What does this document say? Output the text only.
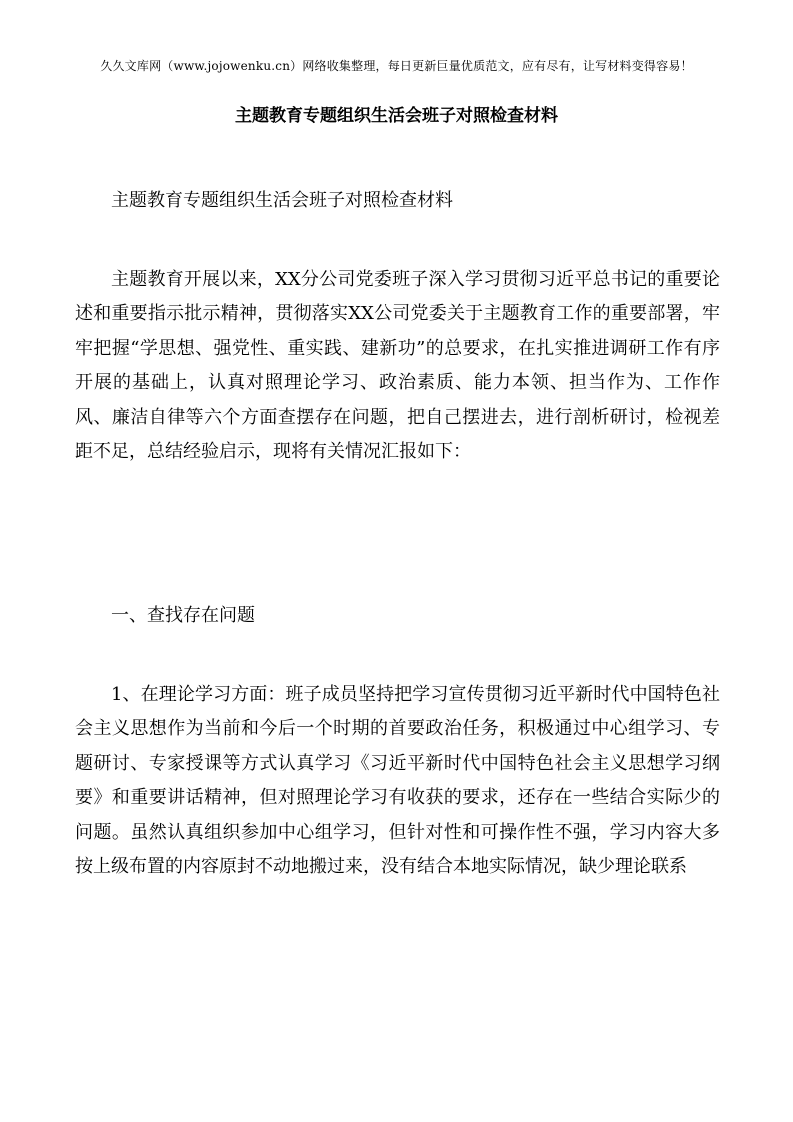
久久文库网（www.jojowenku.cn）网络收集整理，每日更新巨量优质范文，应有尽有，让写材料变得容易！
主题教育专题组织生活会班子对照检查材料

主题教育专题组织生活会班子对照检查材料

主题教育开展以来，XX分公司党委班子深入学习贯彻习近平总书记的重要论述和重要指示批示精神，贯彻落实XX公司党委关于主题教育工作的重要部署，牢牢把握“学思想、强党性、重实践、建新功”的总要求，在扎实推进调研工作有序开展的基础上，认真对照理论学习、政治素质、能力本领、担当作为、工作作风、廉洁自律等六个方面查摆存在问题，把自己摆进去，进行剖析研讨，检视差距不足，总结经验启示，现将有关情况汇报如下：

一、查找存在问题

1、在理论学习方面：班子成员坚持把学习宣传贯彻习近平新时代中国特色社会主义思想作为当前和今后一个时期的首要政治任务，积极通过中心组学习、专题研讨、专家授课等方式认真学习《习近平新时代中国特色社会主义思想学习纲要》和重要讲话精神，但对照理论学习有收获的要求，还存在一些结合实际少的问题。虽然认真组织参加中心组学习，但针对性和可操作性不强，学习内容大多按上级布置的内容原封不动地搬过来，没有结合本地实际情况，缺少理论联系
